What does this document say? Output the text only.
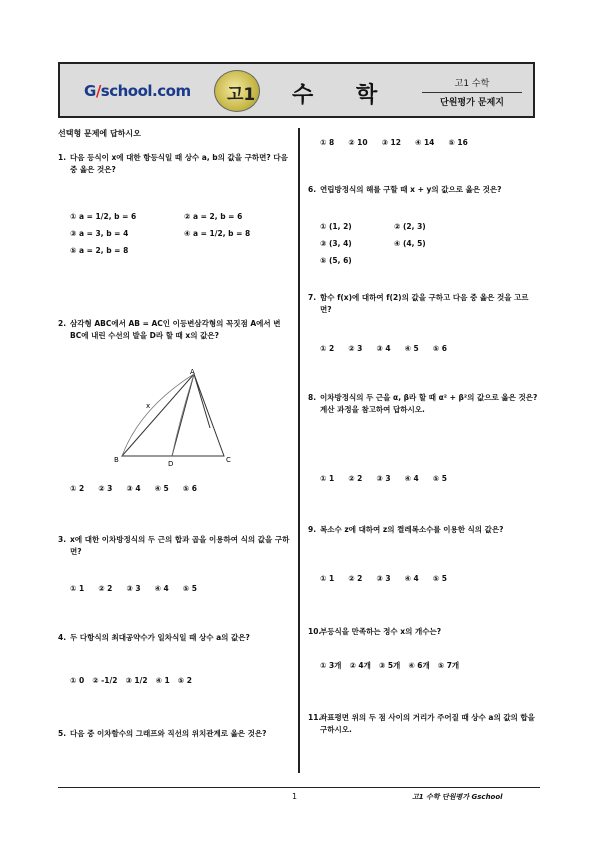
G/school.com 고1 수 학	고1 수학
단원평가 문제지
선택형 문제에 답하시오
1. 다음 등식이 x에 대한 항등식일 때 상수 a, b의 값을 구하면? 다음 중 옳은 것은?
① a = 1/2, b = 6	② a = 2, b = 6
③ a = 3, b = 4	④ a = 1/2, b = 8
⑤ a = 2, b = 8
2. 삼각형 ABC에서 AB = AC인 이등변삼각형의 꼭짓점 A에서 변 BC에 내린 수선의 발을 D라 할 때 x의 값은?
A
B	C
D
x
① 2 ② 3 ③ 4 ④ 5 ⑤ 6
3. x에 대한 이차방정식의 두 근의 합과 곱을 이용하여 식의 값을 구하면?
① 1 ② 2 ③ 3 ④ 4 ⑤ 5
4. 두 다항식의 최대공약수가 일차식일 때 상수 a의 값은?
① 0 ② -1/2 ③ 1/2 ④ 1 ⑤ 2
5. 다음 중 이차함수의 그래프와 직선의 위치관계로 옳은 것은?
① 8 ② 10 ③ 12 ④ 14 ⑤ 16
6. 연립방정식의 해를 구할 때 x + y의 값으로 옳은 것은?
① (1, 2)	② (2, 3)
③ (3, 4)	④ (4, 5)
⑤ (5, 6)
7. 함수 f(x)에 대하여 f(2)의 값을 구하고 다음 중 옳은 것을 고르면?
① 2 ② 3 ③ 4 ④ 5 ⑤ 6
8. 이차방정식의 두 근을 α, β라 할 때 α² + β²의 값으로 옳은 것은? 계산 과정을 참고하여 답하시오.
① 1 ② 2 ③ 3 ④ 4 ⑤ 5
9. 복소수 z에 대하여 z의 켤레복소수를 이용한 식의 값은?
① 1 ② 2 ③ 3 ④ 4 ⑤ 5
10.
부등식을 만족하는 정수 x의 개수는?
① 3개 ② 4개 ③ 5개 ④ 6개 ⑤ 7개
11.
좌표평면 위의 두 점 사이의 거리가 주어질 때 상수 a의 값의 합을 구하시오.
1	고1 수학 단원평가 Gschool
